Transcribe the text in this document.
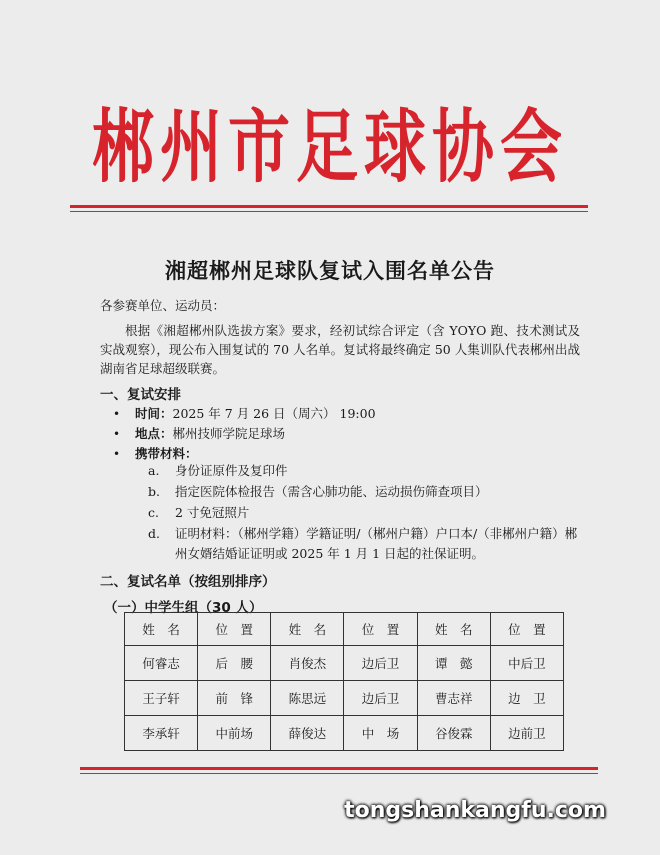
郴州市足球协会
湘超郴州足球队复试入围名单公告
各参赛单位、运动员：
根据《湘超郴州队选拔方案》要求，经初试综合评定（含 YOYO 跑、技术测试及实战观察），现公布入围复试的 70 人名单。复试将最终确定 50 人集训队代表郴州出战湖南省足球超级联赛。
一、复试安排
•	时间： 2025 年 7 月 26 日（周六） 19:00
•	地点： 郴州技师学院足球场
•	携带材料：
a.	身份证原件及复印件
b.	指定医院体检报告（需含心肺功能、运动损伤筛查项目）
c.	2 寸免冠照片
d.	证明材料：（郴州学籍）学籍证明/（郴州户籍）户口本/（非郴州户籍）郴州女婿结婚证证明或 2025 年 1 月 1 日起的社保证明。
二、复试名单（按组别排序）
（一）中学生组（30 人）
姓　名	位　置	姓　名	位　置	姓　名	位　置
何睿志	后　腰	肖俊杰	边后卫	谭　懿	中后卫
王子轩	前　锋	陈思远	边后卫	曹志祥	边　卫
李承轩	中前场	薛俊达	中　场	谷俊霖	边前卫
tongshankangfu.com
